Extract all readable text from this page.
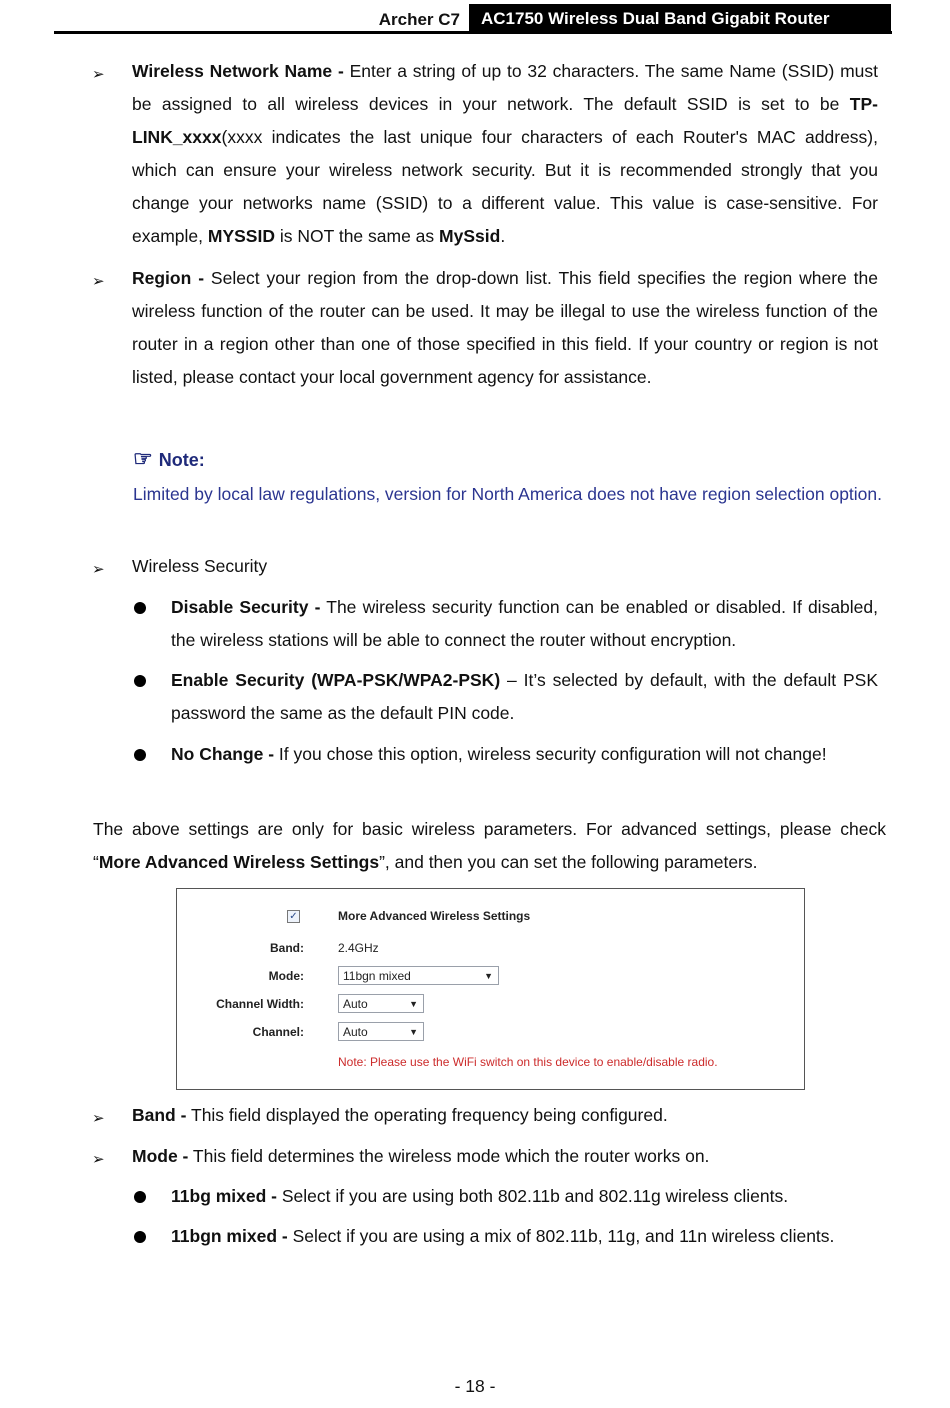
Archer C7	AC1750 Wireless Dual Band Gigabit Router
➢ Wireless Network Name - Enter a string of up to 32 characters. The same Name (SSID) must be assigned to all wireless devices in your network. The default SSID is set to be TP-LINK_xxxx(xxxx indicates the last unique four characters of each Router's MAC address), which can ensure your wireless network security. But it is recommended strongly that you change your networks name (SSID) to a different value. This value is case-sensitive. For example, MYSSID is NOT the same as MySsid.

➢ Region - Select your region from the drop-down list. This field specifies the region where the wireless function of the router can be used. It may be illegal to use the wireless function of the router in a region other than one of those specified in this field. If your country or region is not listed, please contact your local government agency for assistance.

☞ Note:
Limited by local law regulations, version for North America does not have region selection option.
➢ Wireless Security

Disable Security - The wireless security function can be enabled or disabled. If disabled, the wireless stations will be able to connect the router without encryption.

Enable Security (WPA-PSK/WPA2-PSK) – It’s selected by default, with the default PSK password the same as the default PIN code.

No Change - If you chose this option, wireless security configuration will not change!

The above settings are only for basic wireless parameters. For advanced settings, please check “More Advanced Wireless Settings”, and then you can set the following parameters.

✓	More Advanced Wireless Settings
Band:	2.4GHz
Mode:	11bgn mixed	▼
Channel Width:	Auto	▼
Channel:	Auto	▼
Note: Please use the WiFi switch on this device to enable/disable radio.
➢ Band - This field displayed the operating frequency being configured.

➢ Mode - This field determines the wireless mode which the router works on.

11bg mixed - Select if you are using both 802.11b and 802.11g wireless clients.

11bgn mixed - Select if you are using a mix of 802.11b, 11g, and 11n wireless clients.

- 18 -
